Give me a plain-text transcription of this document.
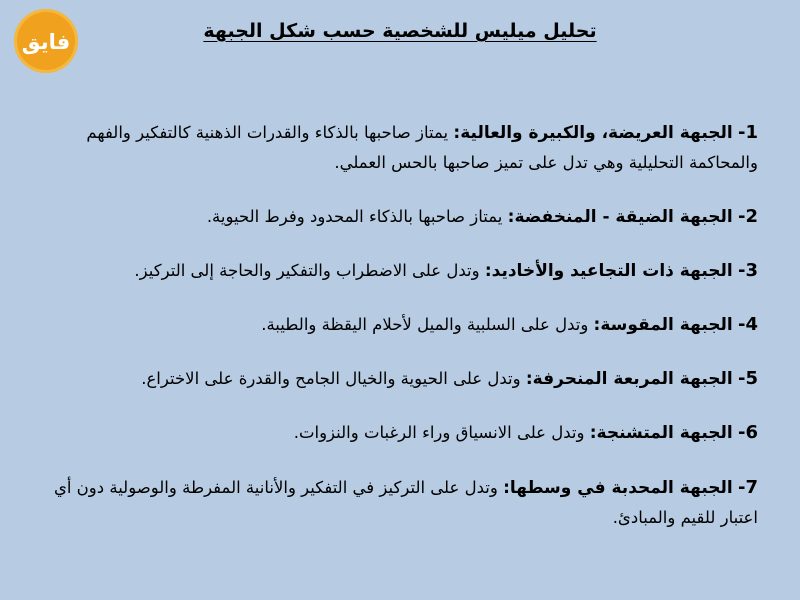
فايق	تحليل ميليس للشخصية حسب شكل الجبهة

1- الجبهة العريضة، والكبيرة والعالية: يمتاز صاحبها بالذكاء والقدرات الذهنية كالتفكير والفهم والمحاكمة التحليلية وهي تدل على تميز صاحبها بالحس العملي.

2- الجبهة الضيقة - المنخفضة: يمتاز صاحبها بالذكاء المحدود وفرط الحيوية.

3- الجبهة ذات التجاعيد والأخاديد: وتدل على الاضطراب والتفكير والحاجة إلى التركيز.

4- الجبهة المقوسة: وتدل على السلبية والميل لأحلام اليقظة والطيبة.

5- الجبهة المربعة المنحرفة: وتدل على الحيوية والخيال الجامح والقدرة على الاختراع.

6- الجبهة المتشنجة: وتدل على الانسياق وراء الرغبات والنزوات.

7- الجبهة المحدبة في وسطها: وتدل على التركيز في التفكير والأنانية المفرطة والوصولية دون أي اعتبار للقيم والمبادئ.
